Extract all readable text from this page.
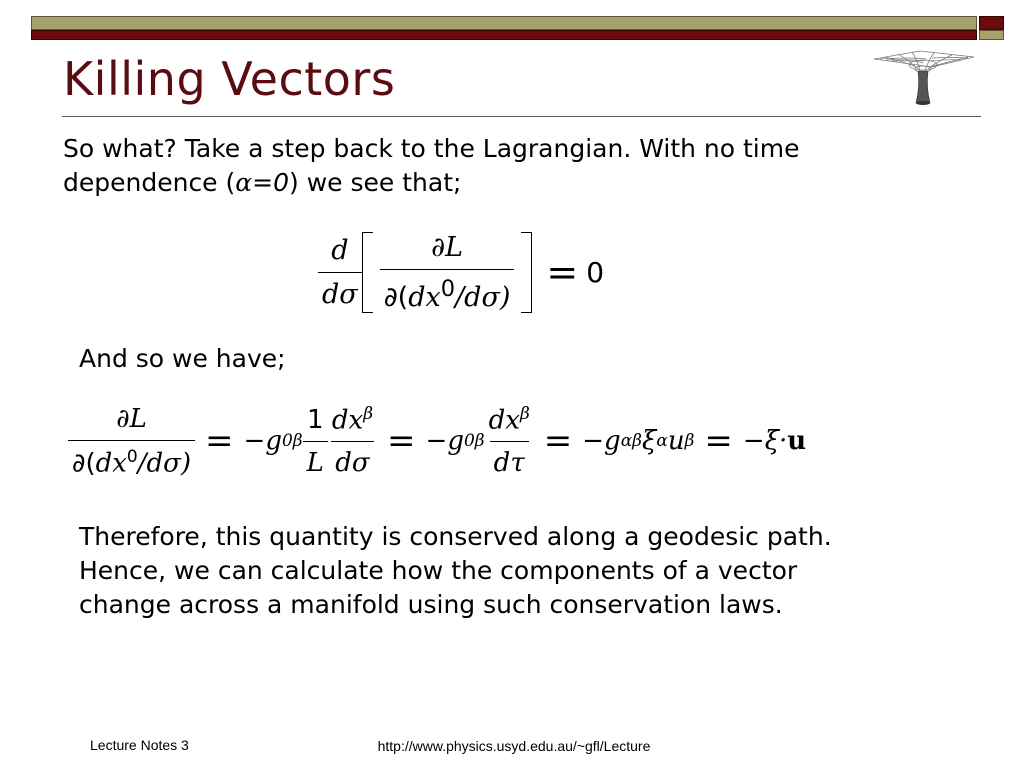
Killing Vectors
So what? Take a step back to the Lagrangian. With no time
dependence (α=0) we see that;
$\frac{d}{d\sigma} \frac{\partial L}{\partial(dx^0/d\sigma)} = 0$
And so we have;
$\frac{\partial L}{\partial(dx^0/d\sigma)} = -g$ $0\beta \frac{1}{L} \frac{dx^\beta}{d\sigma} = -g$ $0\beta \frac{dx^\beta}{d\tau} = -g$ αβ ξ α u β = −ξ· u
Therefore, this quantity is conserved along a geodesic path.
Hence, we can calculate how the components of a vector
change across a manifold using such conservation laws.
Lecture Notes 3	http://www.physics.usyd.edu.au/~gfl/Lecture
